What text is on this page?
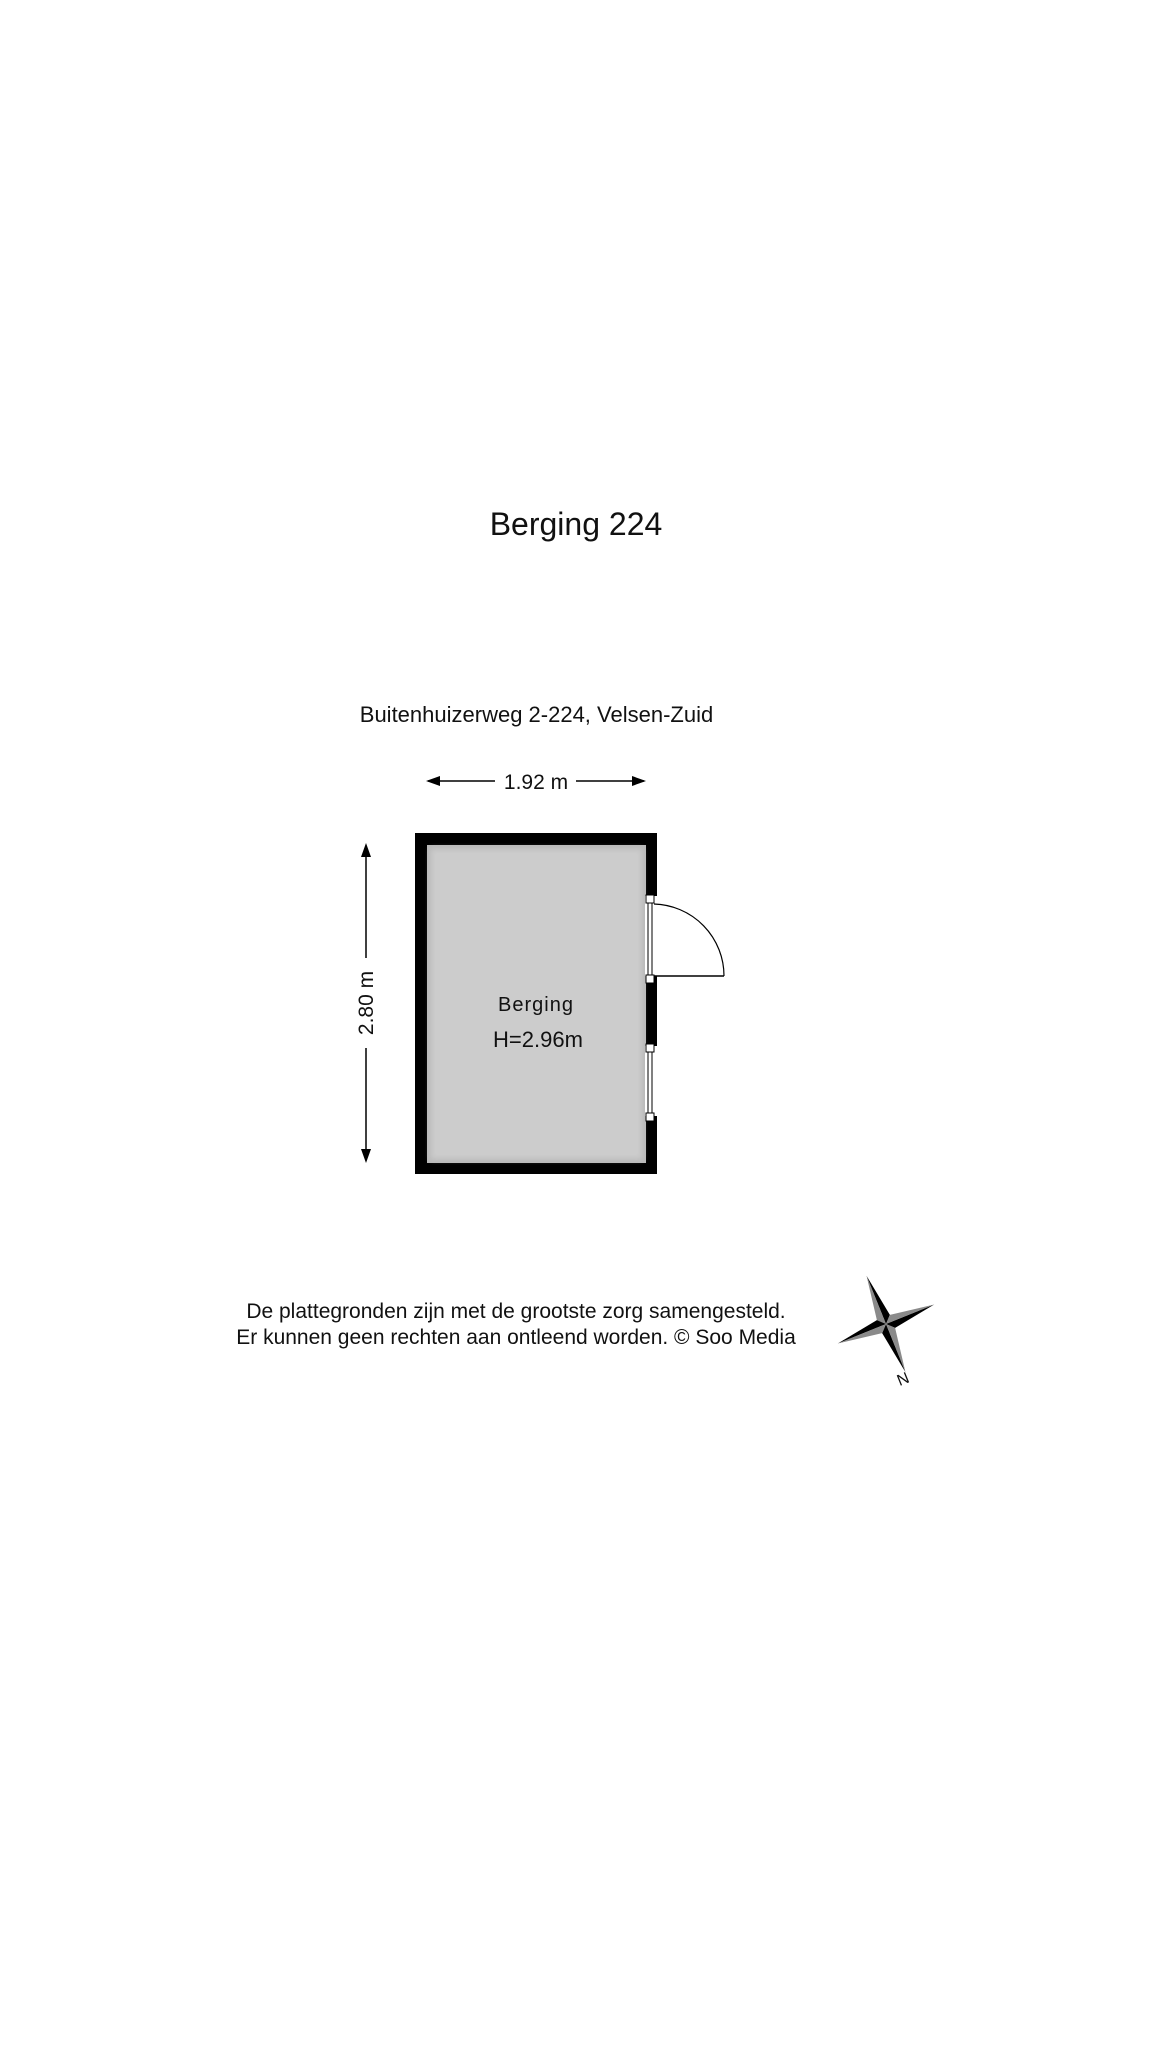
Berging 224
Buitenhuizerweg 2-224, Velsen-Zuid
1.92 m
2.80 m	Berging
H=2.96m
N
De plattegronden zijn met de grootste zorg samengesteld.
Er kunnen geen rechten aan ontleend worden. © Soo Media
